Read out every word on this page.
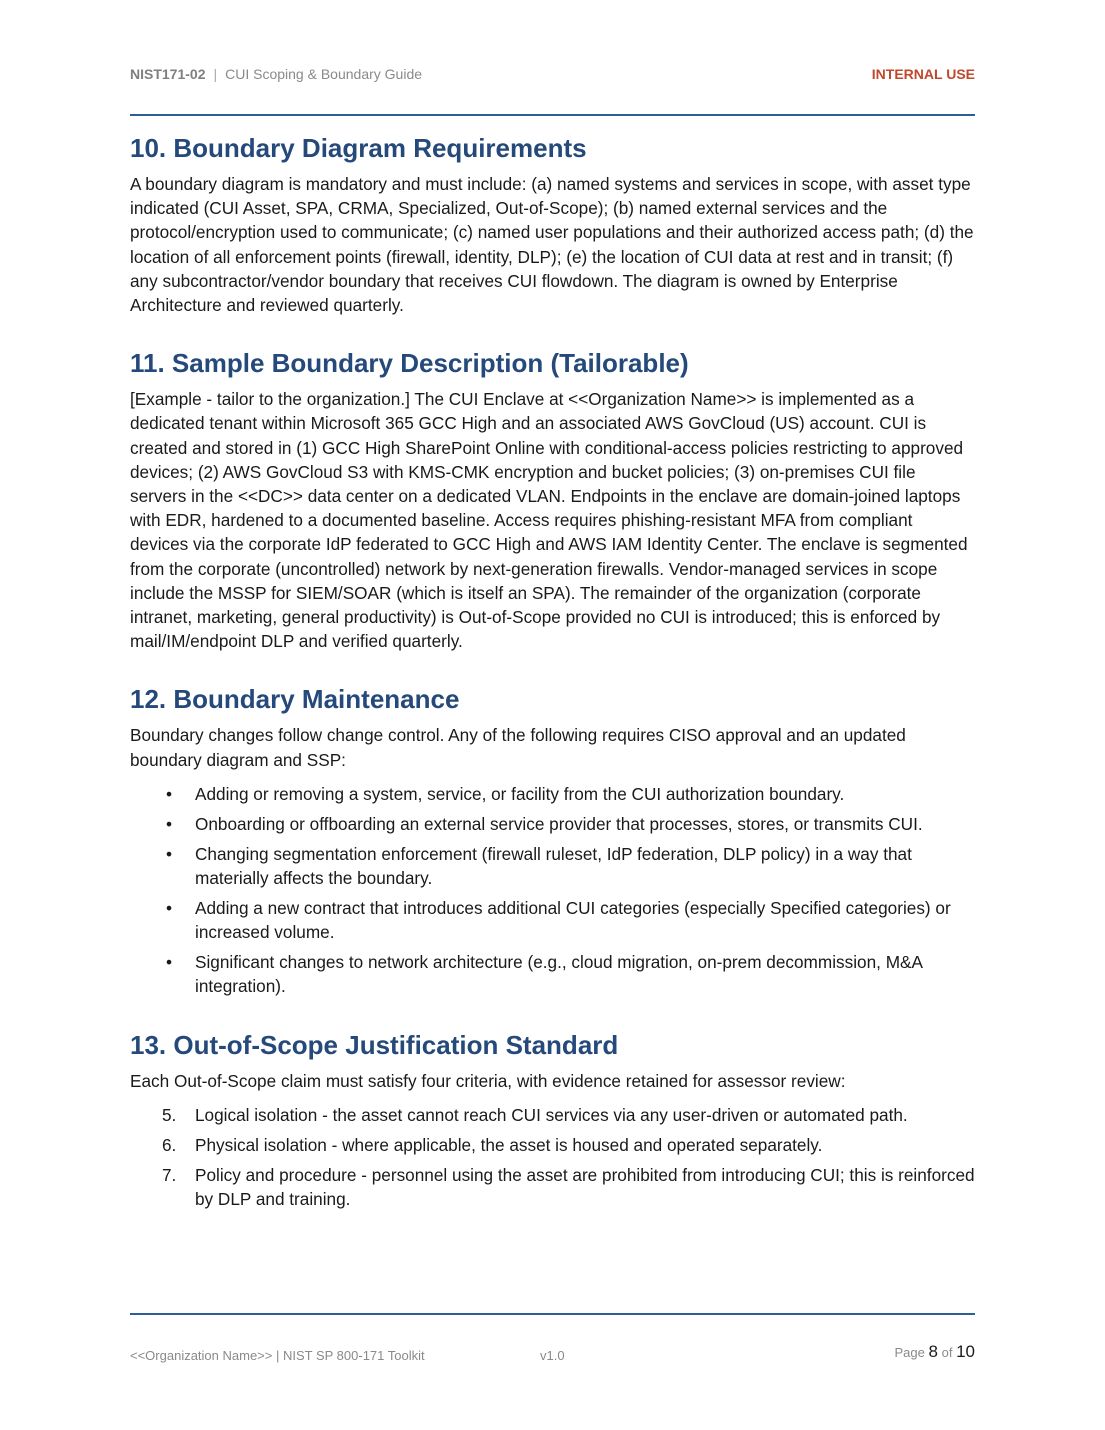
NIST171-02 | CUI Scoping & Boundary Guide	INTERNAL USE
10. Boundary Diagram Requirements

A boundary diagram is mandatory and must include: (a) named systems and services in scope, with asset type indicated (CUI Asset, SPA, CRMA, Specialized, Out-of-Scope); (b) named external services and the protocol/encryption used to communicate; (c) named user populations and their authorized access path; (d) the location of all enforcement points (firewall, identity, DLP); (e) the location of CUI data at rest and in transit; (f) any subcontractor/vendor boundary that receives CUI flowdown. The diagram is owned by Enterprise Architecture and reviewed quarterly.

11. Sample Boundary Description (Tailorable)

[Example - tailor to the organization.] The CUI Enclave at <<Organization Name>> is implemented as a dedicated tenant within Microsoft 365 GCC High and an associated AWS GovCloud (US) account. CUI is created and stored in (1) GCC High SharePoint Online with conditional-access policies restricting to approved devices; (2) AWS GovCloud S3 with KMS-CMK encryption and bucket policies; (3) on-premises CUI file servers in the <<DC>> data center on a dedicated VLAN. Endpoints in the enclave are domain-joined laptops with EDR, hardened to a documented baseline. Access requires phishing-resistant MFA from compliant devices via the corporate IdP federated to GCC High and AWS IAM Identity Center. The enclave is segmented from the corporate (uncontrolled) network by next-generation firewalls. Vendor-managed services in scope include the MSSP for SIEM/SOAR (which is itself an SPA). The remainder of the organization (corporate intranet, marketing, general productivity) is Out-of-Scope provided no CUI is introduced; this is enforced by mail/IM/endpoint DLP and verified quarterly.

12. Boundary Maintenance

Boundary changes follow change control. Any of the following requires CISO approval and an updated boundary diagram and SSP:

• Adding or removing a system, service, or facility from the CUI authorization boundary.
• Onboarding or offboarding an external service provider that processes, stores, or transmits CUI.
• Changing segmentation enforcement (firewall ruleset, IdP federation, DLP policy) in a way that materially affects the boundary.
• Adding a new contract that introduces additional CUI categories (especially Specified categories) or increased volume.
• Significant changes to network architecture (e.g., cloud migration, on-prem decommission, M&A integration).
13. Out-of-Scope Justification Standard

Each Out-of-Scope claim must satisfy four criteria, with evidence retained for assessor review:

5. Logical isolation - the asset cannot reach CUI services via any user-driven or automated path.
6. Physical isolation - where applicable, the asset is housed and operated separately.
7. Policy and procedure - personnel using the asset are prohibited from introducing CUI; this is reinforced by DLP and training.
<<Organization Name>> | NIST SP 800-171 Toolkit	v1.0	Page 8 of 10
